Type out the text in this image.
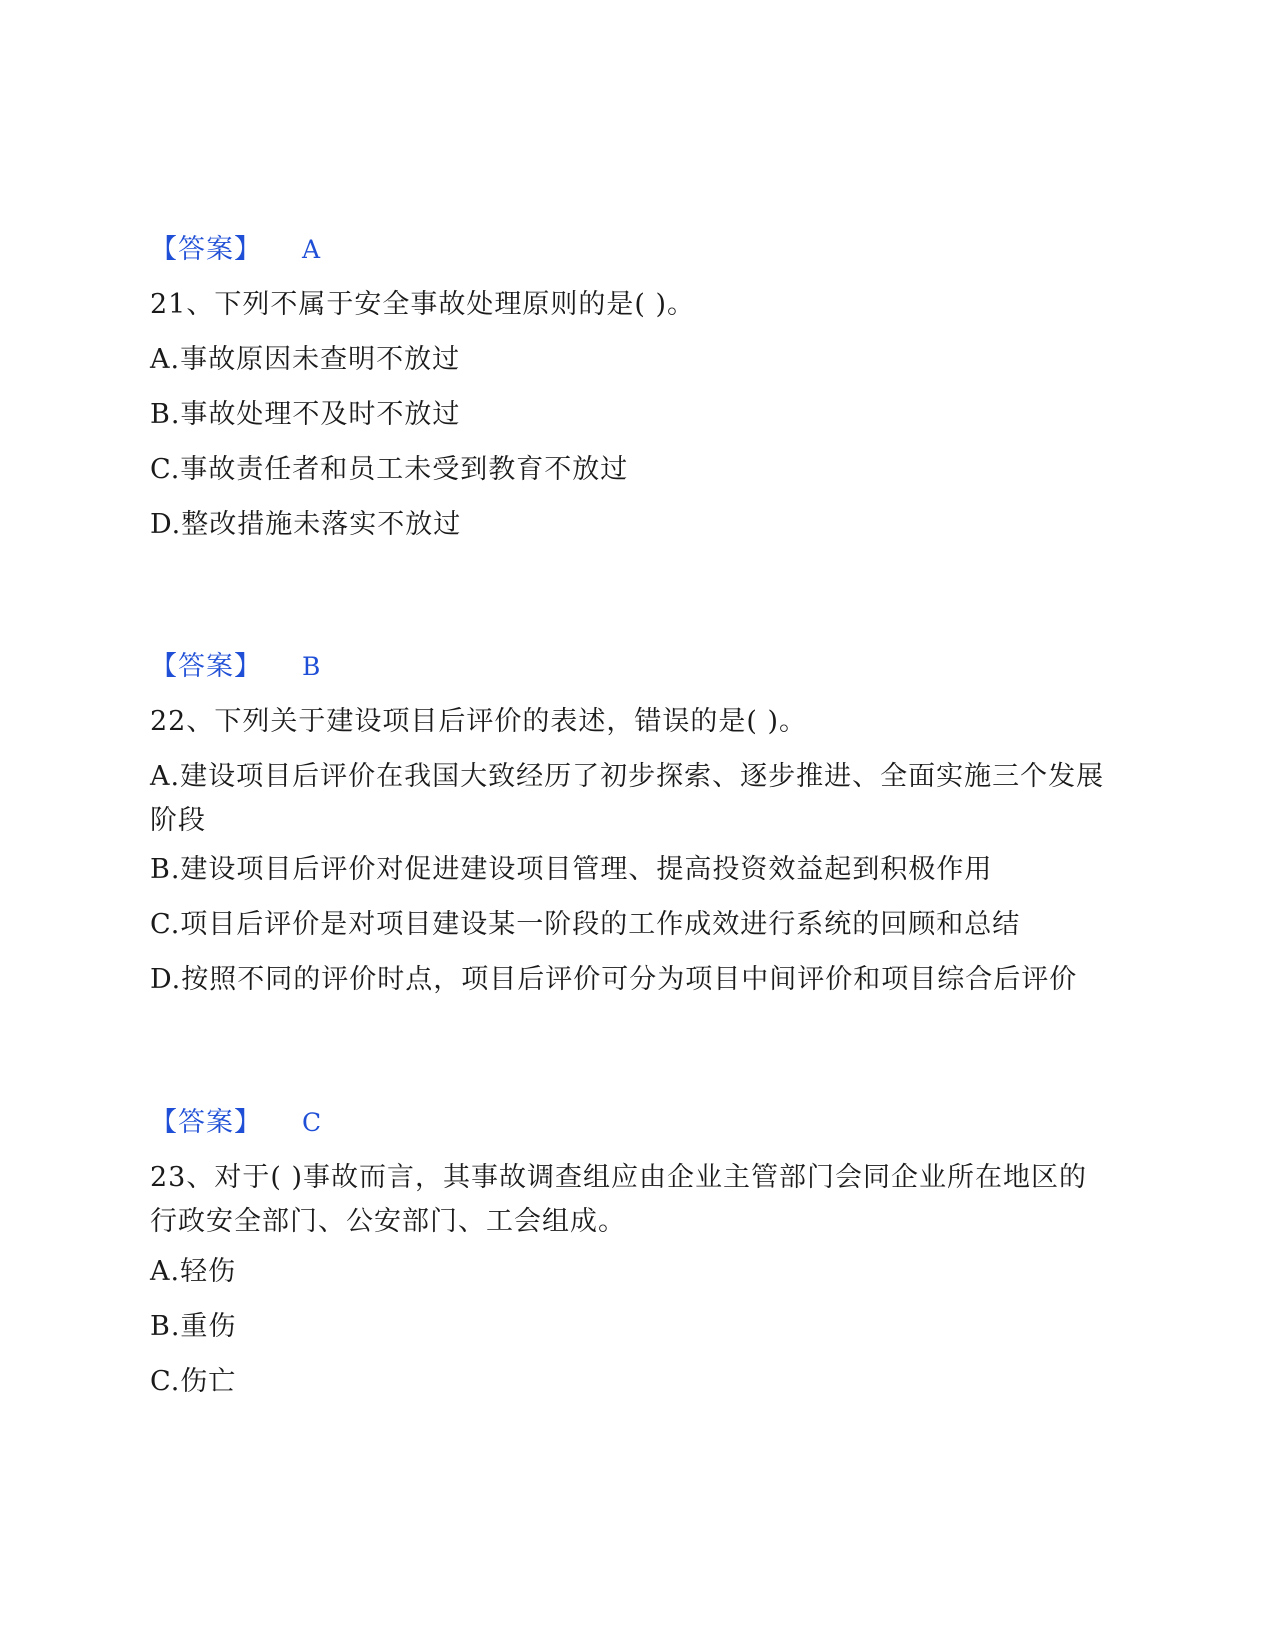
【答案】 A
21、下列不属于安全事故处理原则的是( )。
A.事故原因未查明不放过
B.事故处理不及时不放过
C.事故责任者和员工未受到教育不放过
D.整改措施未落实不放过
【答案】 B
22、下列关于建设项目后评价的表述，错误的是( )。
A.建设项目后评价在我国大致经历了初步探索、逐步推进、全面实施三个发展阶段
B.建设项目后评价对促进建设项目管理、提高投资效益起到积极作用
C.项目后评价是对项目建设某一阶段的工作成效进行系统的回顾和总结
D.按照不同的评价时点，项目后评价可分为项目中间评价和项目综合后评价
【答案】 C
23、对于( )事故而言，其事故调查组应由企业主管部门会同企业所在地区的行政安全部门、公安部门、工会组成。
A.轻伤
B.重伤
C.伤亡
